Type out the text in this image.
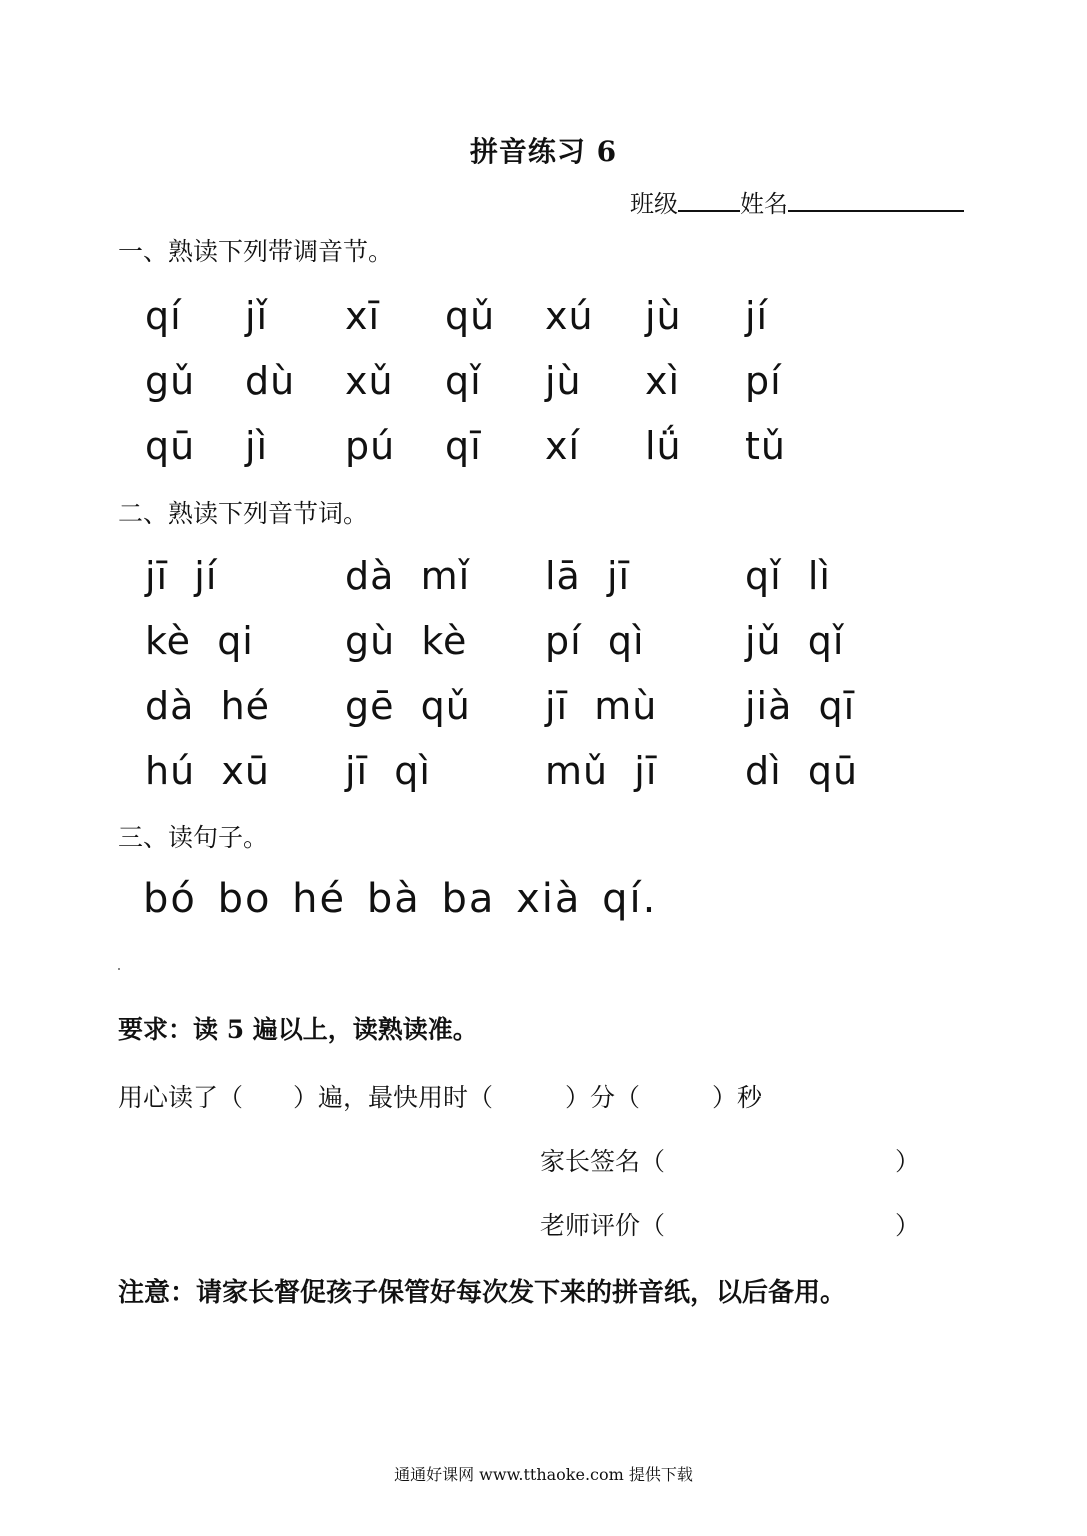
拼音练习 6
班级	姓名
一、熟读下列带调音节。
qí jǐ xī qǔ xú jù jí
gǔ dù xǔ qǐ jù xì pí
qū jì pú qī xí lǘ tǔ
二、熟读下列音节词。
jī  jí	dà  mǐ lā  jī	qǐ  lì
kè  qi gù  kè pí  qì	jǔ  qǐ
dà  hé gē  qǔ jī  mù jià  qī
hú  xū jī  qì	mǔ  jī dì  qū
三、读句子。
bó bo hé bà ba xià qí.
要求：读 5 遍以上，读熟读准。
用心读了（ ）遍，最快用时（	）分（	）秒
家长签名（	）
老师评价（	）
注意：请家长督促孩子保管好每次发下来的拼音纸，以后备用。
通通好课网 www.tthaoke.com 提供下载
